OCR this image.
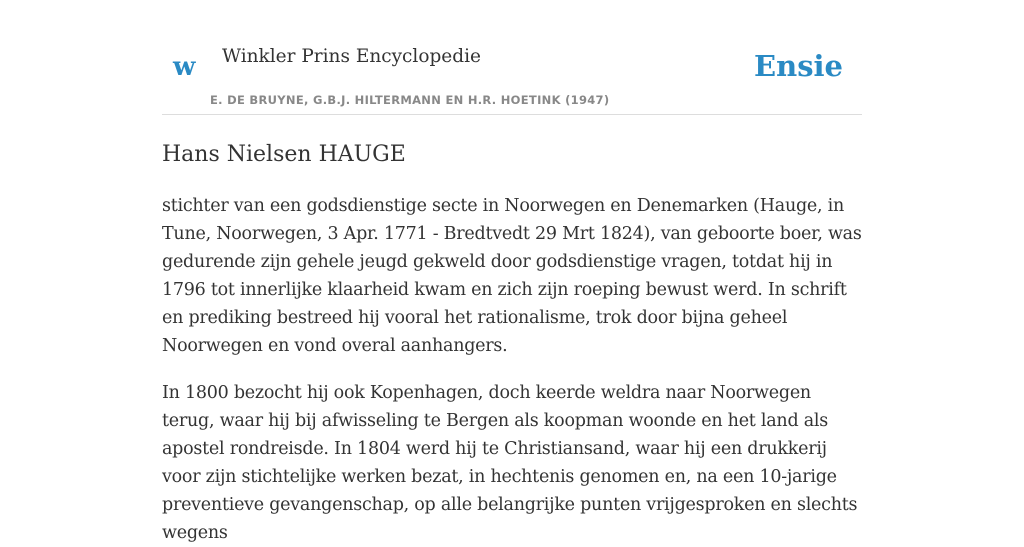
w Winkler Prins Encyclopedie
E. DE BRUYNE, G.B.J. HILTERMANN EN H.R. HOETINK (1947)
Ensie
Hans Nielsen HAUGE

stichter van een godsdienstige secte in Noorwegen en Denemarken (Hauge, in Tune, Noorwegen, 3 Apr. 1771 - Bredtvedt 29 Mrt 1824), van geboorte boer, was gedurende zijn gehele jeugd gekweld door godsdienstige vragen, totdat hij in 1796 tot innerlijke klaarheid kwam en zich zijn roeping bewust werd. In schrift en prediking bestreed hij vooral het rationalisme, trok door bijna geheel Noorwegen en vond overal aanhangers.

In 1800 bezocht hij ook Kopenhagen, doch keerde weldra naar Noorwegen terug, waar hij bij afwisseling te Bergen als koopman woonde en het land als apostel rondreisde. In 1804 werd hij te Christiansand, waar hij een drukkerij voor zijn stichtelijke werken bezat, in hechtenis genomen en, na een 10-jarige preventieve gevangenschap, op alle belangrijke punten vrijgesproken en slechts wegens
